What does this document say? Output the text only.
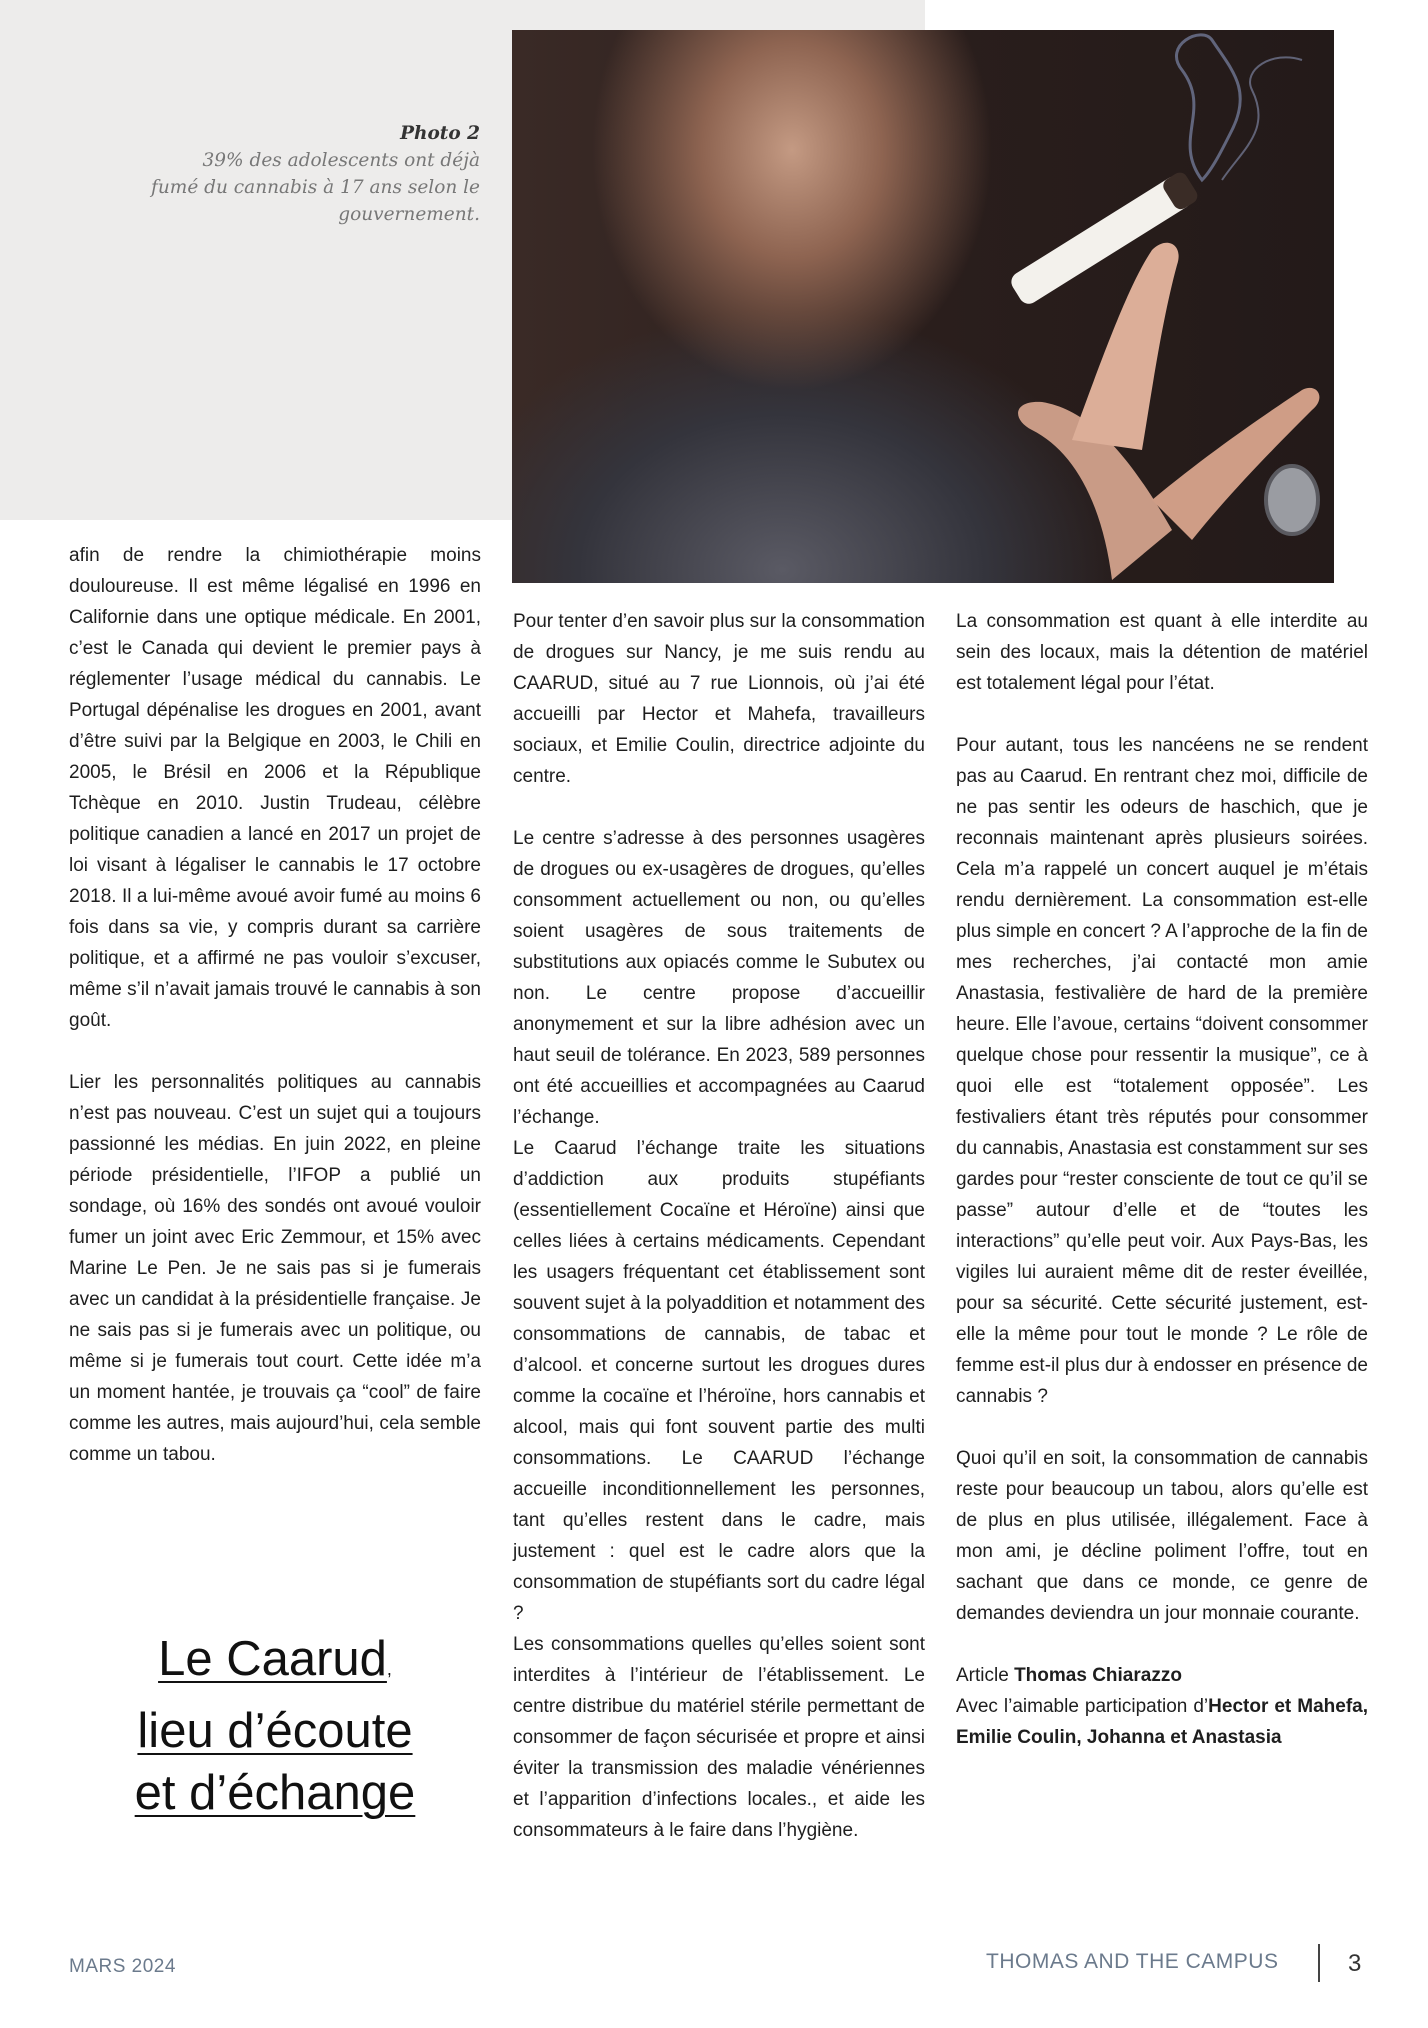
Photo 2
39% des adolescents ont déjà fumé du cannabis à 17 ans selon le gouvernement.

afin de rendre la chimiothérapie moins douloureuse. Il est même légalisé en 1996 en Californie dans une optique médicale. En 2001, c’est le Canada qui devient le premier pays à réglementer l’usage médical du cannabis. Le Portugal dépénalise les drogues en 2001, avant d’être suivi par la Belgique en 2003, le Chili en 2005, le Brésil en 2006 et la République Tchèque en 2010. Justin Trudeau, célèbre politique canadien a lancé en 2017 un projet de loi visant à légaliser le cannabis le 17 octobre 2018. Il a lui-même avoué avoir fumé au moins 6 fois dans sa vie, y compris durant sa carrière politique, et a affirmé ne pas vouloir s’excuser, même s’il n’avait jamais trouvé le cannabis à son goût.

Lier les personnalités politiques au cannabis n’est pas nouveau. C’est un sujet qui a toujours passionné les médias. En juin 2022, en pleine période présidentielle, l’IFOP a publié un sondage, où 16% des sondés ont avoué vouloir fumer un joint avec Eric Zemmour, et 15% avec Marine Le Pen. Je ne sais pas si je fumerais avec un candidat à la présidentielle française. Je ne sais pas si je fumerais avec un politique, ou même si je fumerais tout court. Cette idée m’a un moment hantée, je trouvais ça “cool” de faire comme les autres, mais aujourd’hui, cela semble comme un tabou.

Le Caarud,
lieu d’écoute
et d’échange

Pour tenter d’en savoir plus sur la consommation de drogues sur Nancy, je me suis rendu au CAARUD, situé au 7 rue Lionnois, où j’ai été accueilli par Hector et Mahefa, travailleurs sociaux, et Emilie Coulin, directrice adjointe du centre.

Le centre s’adresse à des personnes usagères de drogues ou ex-usagères de drogues, qu’elles consomment actuellement ou non, ou qu’elles soient usagères de sous traitements de substitutions aux opiacés comme le Subutex ou non. Le centre propose d’accueillir anonymement et sur la libre adhésion avec un haut seuil de tolérance. En 2023, 589 personnes ont été accueillies et accompagnées au Caarud l’échange.

Le Caarud l’échange traite les situations d’addiction aux produits stupéfiants (essentiellement Cocaïne et Héroïne) ainsi que celles liées à certains médicaments. Cependant les usagers fréquentant cet établissement sont souvent sujet à la polyaddition et notamment des consommations de cannabis, de tabac et d’alcool. et concerne surtout les drogues dures comme la cocaïne et l’héroïne, hors cannabis et alcool, mais qui font souvent partie des multi consommations. Le CAARUD l’échange accueille inconditionnellement les personnes, tant qu’elles restent dans le cadre, mais justement : quel est le cadre alors que la consommation de stupéfiants sort du cadre légal ?

Les consommations quelles qu’elles soient sont interdites à l’intérieur de l’établissement. Le centre distribue du matériel stérile permettant de consommer de façon sécurisée et propre et ainsi éviter la transmission des maladie vénériennes et l’apparition d’infections locales., et aide les consommateurs à le faire dans l’hygiène.

La consommation est quant à elle interdite au sein des locaux, mais la détention de matériel est totalement légal pour l’état.

Pour autant, tous les nancéens ne se rendent pas au Caarud. En rentrant chez moi, difficile de ne pas sentir les odeurs de haschich, que je reconnais maintenant après plusieurs soirées. Cela m’a rappelé un concert auquel je m’étais rendu dernièrement. La consommation est-elle plus simple en concert ? A l’approche de la fin de mes recherches, j’ai contacté mon amie Anastasia, festivalière de hard de la première heure. Elle l’avoue, certains “doivent consommer quelque chose pour ressentir la musique”, ce à quoi elle est “totalement opposée”. Les festivaliers étant très réputés pour consommer du cannabis, Anastasia est constamment sur ses gardes pour “rester consciente de tout ce qu’il se passe” autour d’elle et de “toutes les interactions” qu’elle peut voir. Aux Pays-Bas, les vigiles lui auraient même dit de rester éveillée, pour sa sécurité. Cette sécurité justement, est-elle la même pour tout le monde ? Le rôle de femme est-il plus dur à endosser en présence de cannabis ?

Quoi qu’il en soit, la consommation de cannabis reste pour beaucoup un tabou, alors qu’elle est de plus en plus utilisée, illégalement. Face à mon ami, je décline poliment l’offre, tout en sachant que dans ce monde, ce genre de demandes deviendra un jour monnaie courante.

Article Thomas Chiarazzo

Avec l’aimable participation d’Hector et Mahefa, Emilie Coulin, Johanna et Anastasia

MARS 2024	THOMAS AND THE CAMPUS	3
